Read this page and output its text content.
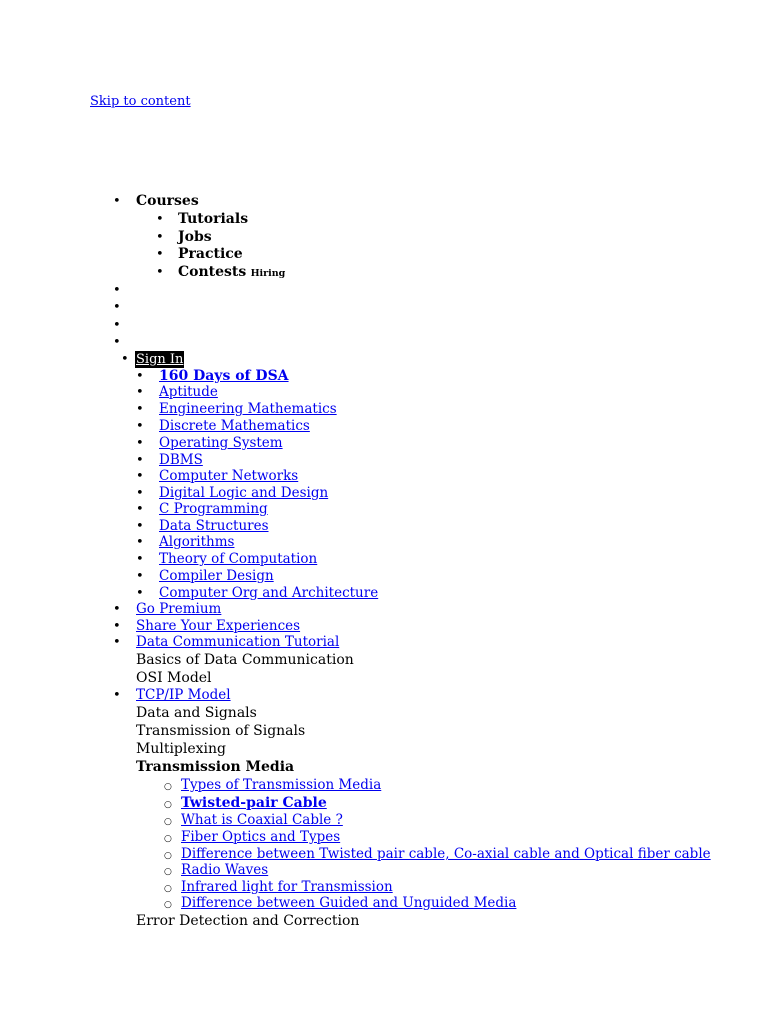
Skip to content
•
Courses
•
Tutorials
•
Jobs
•
Practice
•
Contests Hiring
•
•
•
•
•
Sign In
•
160 Days of DSA
•
Aptitude
•
Engineering Mathematics
•
Discrete Mathematics
•
Operating System
•
DBMS
•
Computer Networks
•
Digital Logic and Design
•
C Programming
•
Data Structures
•
Algorithms
•
Theory of Computation
•
Compiler Design
•
Computer Org and Architecture
•
Go Premium
•
Share Your Experiences
•
Data Communication Tutorial
Basics of Data Communication
OSI Model
•
TCP/IP Model
Data and Signals
Transmission of Signals
Multiplexing
Transmission Media
○
Types of Transmission Media
○
Twisted-pair Cable
○
What is Coaxial Cable ?
○
Fiber Optics and Types
○
Difference between Twisted pair cable, Co-axial cable and Optical fiber cable
○
Radio Waves
○
Infrared light for Transmission
○
Difference between Guided and Unguided Media
Error Detection and Correction
